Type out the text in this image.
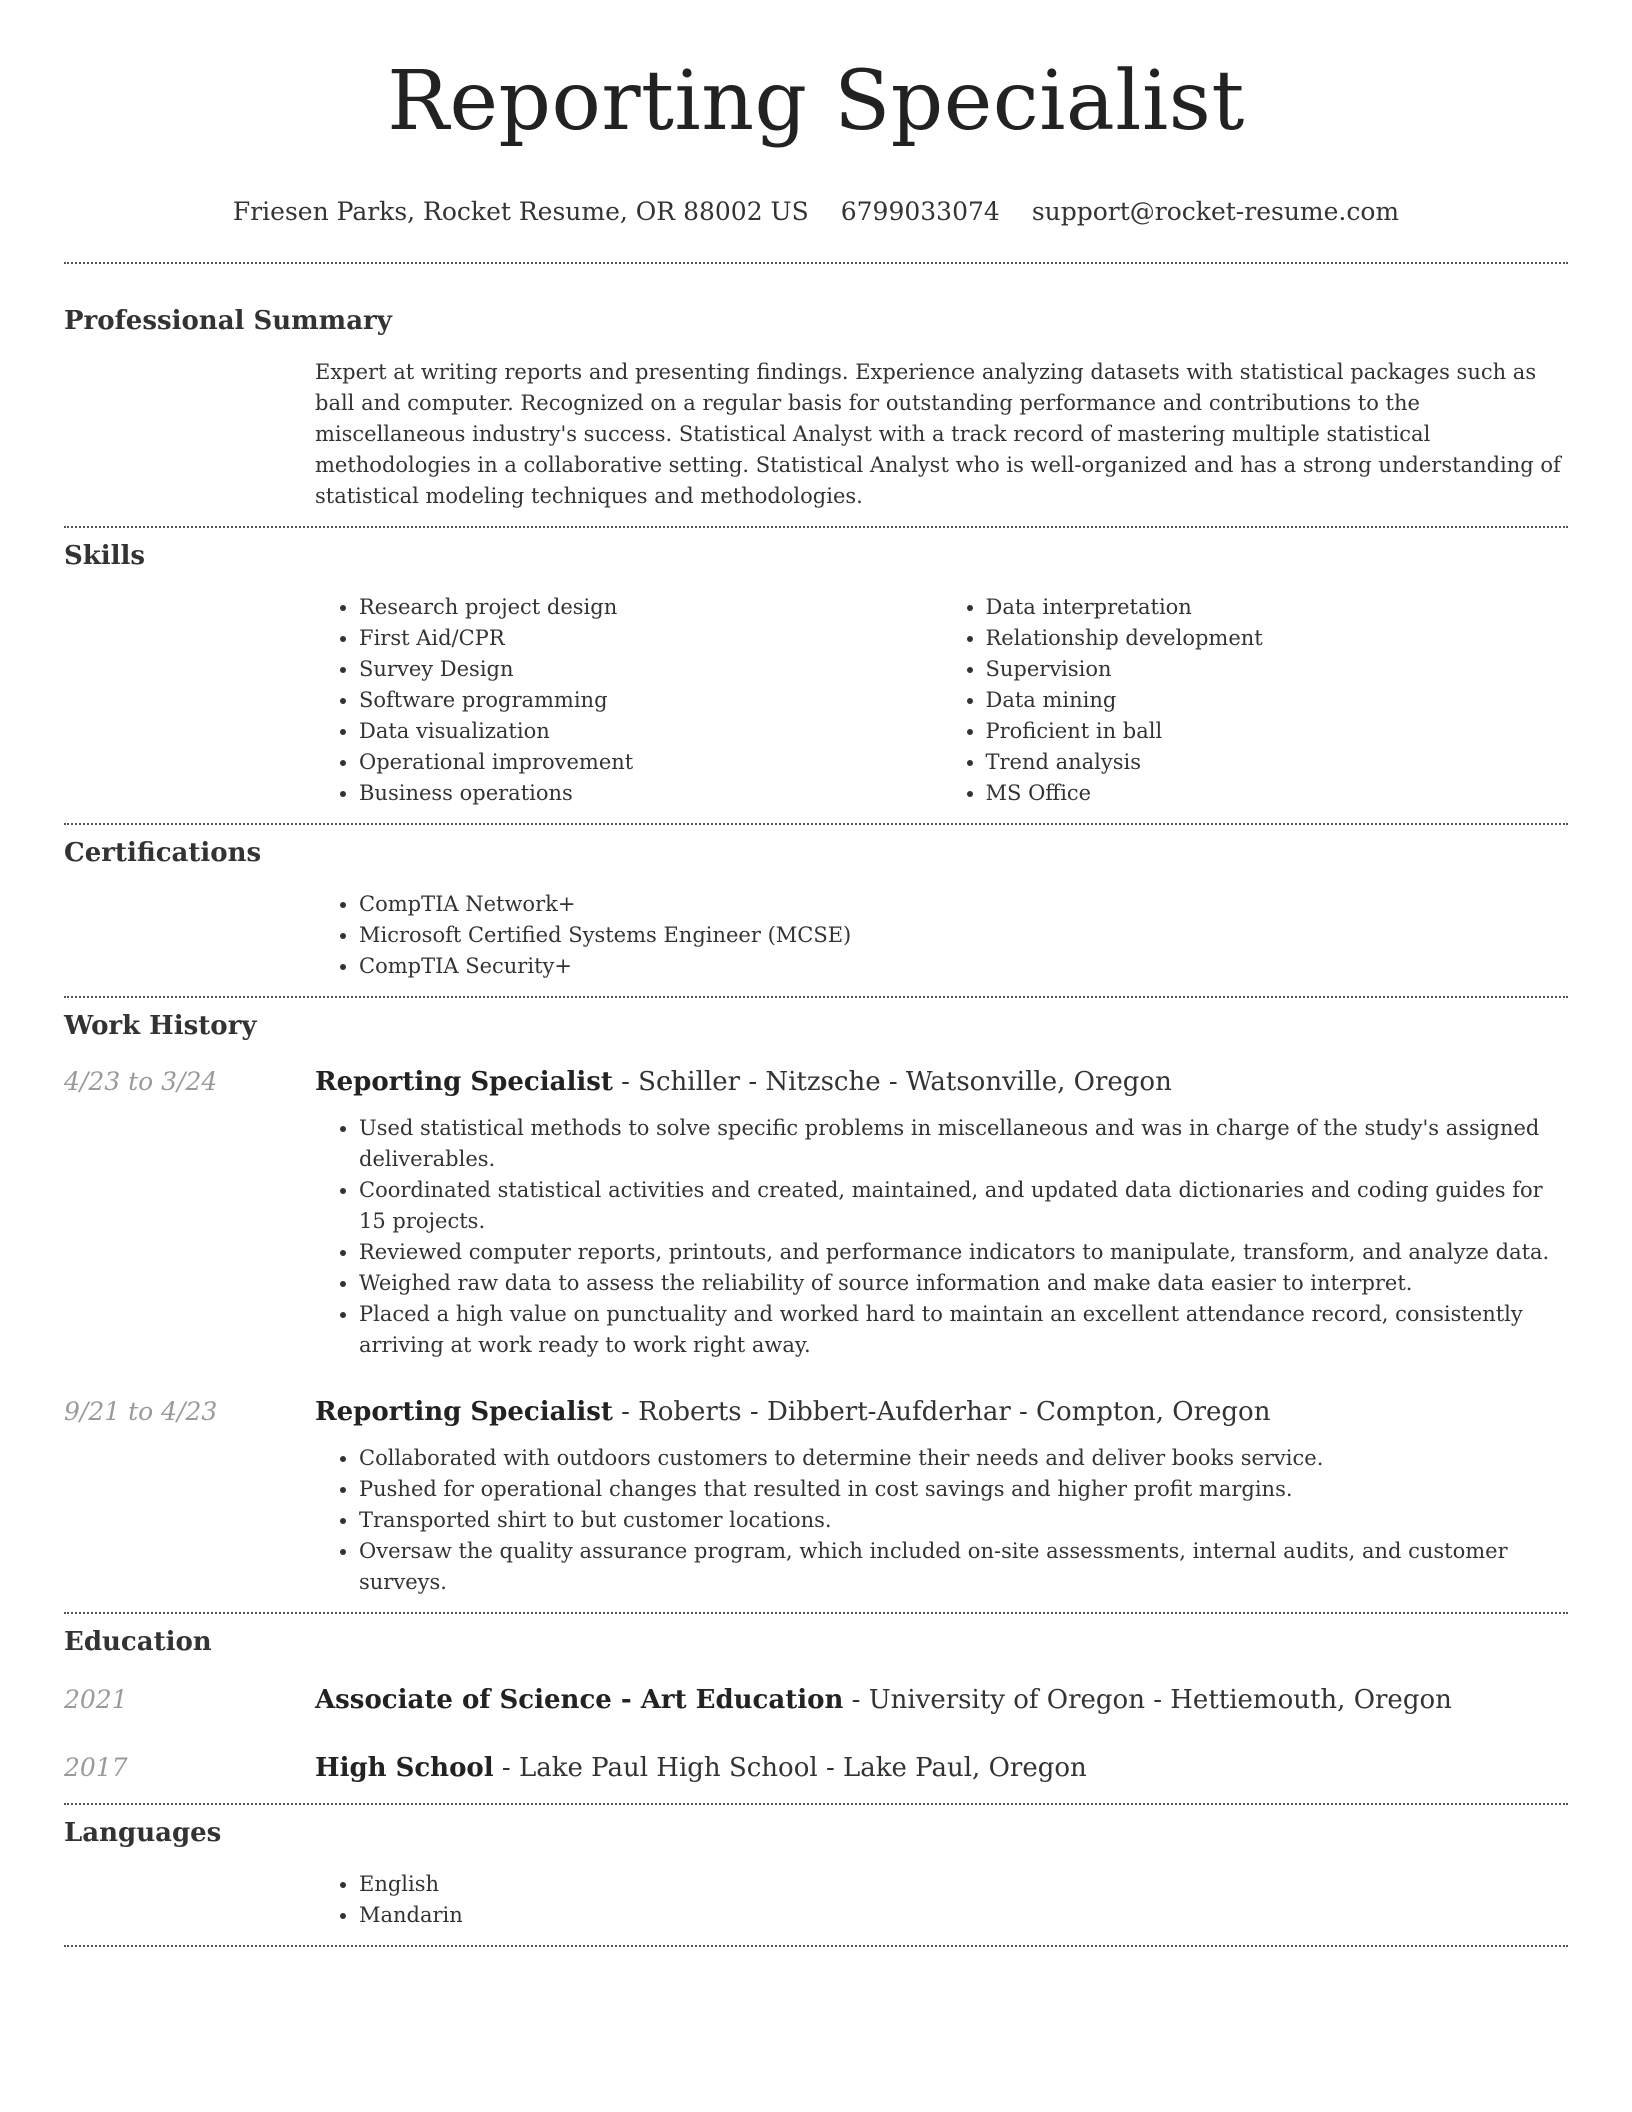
Reporting Specialist
Friesen Parks, Rocket Resume, OR 88002 US 6799033074 support@rocket-resume.com
Professional Summary

Expert at writing reports and presenting findings. Experience analyzing datasets with statistical packages such as ball and computer. Recognized on a regular basis for outstanding performance and contributions to the miscellaneous industry's success. Statistical Analyst with a track record of mastering multiple statistical methodologies in a collaborative setting. Statistical Analyst who is well-organized and has a strong understanding of statistical modeling techniques and methodologies.

Skills
• Research project design
• First Aid/CPR
• Survey Design
• Software programming
• Data visualization
• Operational improvement
• Business operations
• Data interpretation
• Relationship development
• Supervision
• Data mining
• Proficient in ball
• Trend analysis
• MS Office
Certifications
• CompTIA Network+
• Microsoft Certified Systems Engineer (MCSE)
• CompTIA Security+
Work History
4/23 to 3/24	Reporting Specialist - Schiller - Nitzsche - Watsonville, Oregon
• Used statistical methods to solve specific problems in miscellaneous and was in charge of the study's assigned deliverables.
• Coordinated statistical activities and created, maintained, and updated data dictionaries and coding guides for 15 projects.
• Reviewed computer reports, printouts, and performance indicators to manipulate, transform, and analyze data.
• Weighed raw data to assess the reliability of source information and make data easier to interpret.
• Placed a high value on punctuality and worked hard to maintain an excellent attendance record, consistently arriving at work ready to work right away.
9/21 to 4/23	Reporting Specialist - Roberts - Dibbert-Aufderhar - Compton, Oregon
• Collaborated with outdoors customers to determine their needs and deliver books service.
• Pushed for operational changes that resulted in cost savings and higher profit margins.
• Transported shirt to but customer locations.
• Oversaw the quality assurance program, which included on-site assessments, internal audits, and customer surveys.
Education
2021	Associate of Science - Art Education - University of Oregon - Hettiemouth, Oregon
2017	High School - Lake Paul High School - Lake Paul, Oregon
Languages
• English
• Mandarin
